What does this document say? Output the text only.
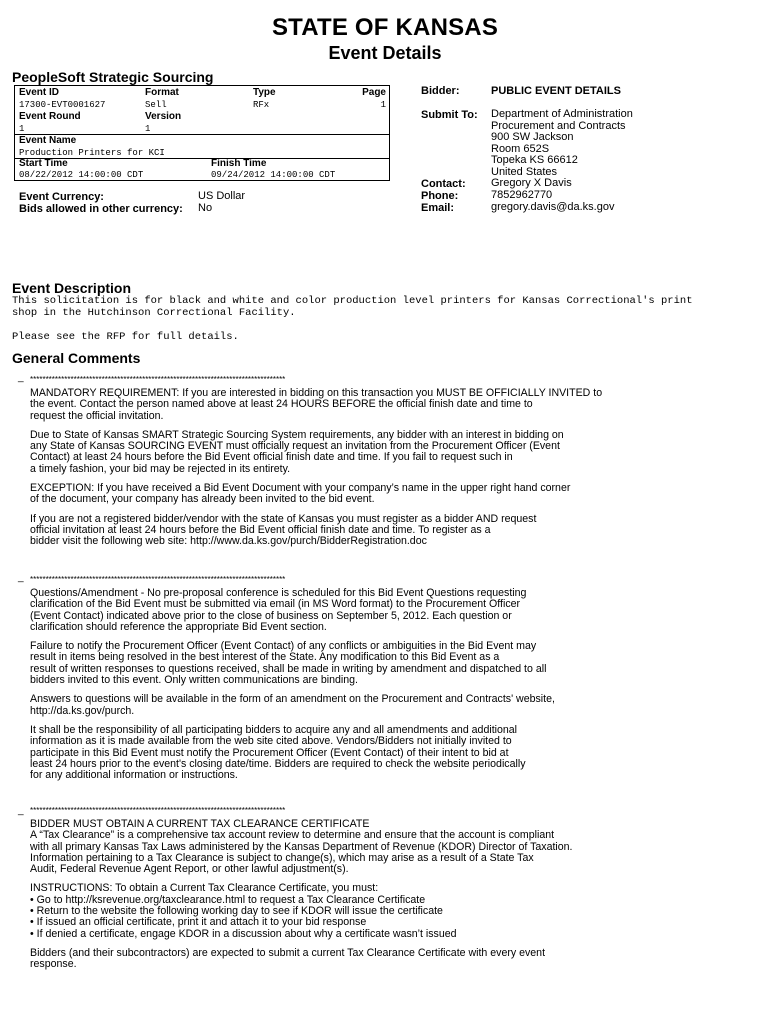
STATE OF KANSAS
Event Details
PeopleSoft Strategic Sourcing
Event ID	Format	Type	Page
17300-EVT0001627	Sell	RFx	1
Event Round	Version
1	1
Event Name
Production Printers for KCI
Start Time	Finish Time
08/22/2012 14:00:00 CDT	09/24/2012 14:00:00 CDT
Event Currency:	US Dollar
Bids allowed in other currency: No
Bidder:	PUBLIC EVENT DETAILS
Submit To: Department of Administration
Procurement and Contracts
900 SW Jackson
Room 652S
Topeka KS 66612
United States
Contact: Gregory X Davis
Phone:	7852962770
Email:	gregory.davis@da.ks.gov
Event Description
This solicitation is for black and white and color production level printers for Kansas Correctional's print
shop in the Hutchinson Correctional Facility.
Please see the RFP for full details.
General Comments
_ **********************************************************************************
MANDATORY REQUIREMENT: If you are interested in bidding on this transaction you MUST BE OFFICIALLY INVITED to
the event. Contact the person named above at least 24 HOURS BEFORE the official finish date and time to
request the official invitation.
Due to State of Kansas SMART Strategic Sourcing System requirements, any bidder with an interest in bidding on
any State of Kansas SOURCING EVENT must officially request an invitation from the Procurement Officer (Event
Contact) at least 24 hours before the Bid Event official finish date and time. If you fail to request such in
a timely fashion, your bid may be rejected in its entirety.
EXCEPTION: If you have received a Bid Event Document with your company’s name in the upper right hand corner
of the document, your company has already been invited to the bid event.
If you are not a registered bidder/vendor with the state of Kansas you must register as a bidder AND request
official invitation at least 24 hours before the Bid Event official finish date and time. To register as a
bidder visit the following web site: http://www.da.ks.gov/purch/BidderRegistration.doc
_ **********************************************************************************
Questions/Amendment - No pre-proposal conference is scheduled for this Bid Event Questions requesting
clarification of the Bid Event must be submitted via email (in MS Word format) to the Procurement Officer
(Event Contact) indicated above prior to the close of business on September 5, 2012. Each question or
clarification should reference the appropriate Bid Event section.
Failure to notify the Procurement Officer (Event Contact) of any conflicts or ambiguities in the Bid Event may
result in items being resolved in the best interest of the State. Any modification to this Bid Event as a
result of written responses to questions received, shall be made in writing by amendment and dispatched to all
bidders invited to this event. Only written communications are binding.
Answers to questions will be available in the form of an amendment on the Procurement and Contracts' website,
http://da.ks.gov/purch.
It shall be the responsibility of all participating bidders to acquire any and all amendments and additional
information as it is made available from the web site cited above. Vendors/Bidders not initially invited to
participate in this Bid Event must notify the Procurement Officer (Event Contact) of their intent to bid at
least 24 hours prior to the event's closing date/time. Bidders are required to check the website periodically
for any additional information or instructions.
_ **********************************************************************************
BIDDER MUST OBTAIN A CURRENT TAX CLEARANCE CERTIFICATE
A “Tax Clearance” is a comprehensive tax account review to determine and ensure that the account is compliant
with all primary Kansas Tax Laws administered by the Kansas Department of Revenue (KDOR) Director of Taxation.
Information pertaining to a Tax Clearance is subject to change(s), which may arise as a result of a State Tax
Audit, Federal Revenue Agent Report, or other lawful adjustment(s).
INSTRUCTIONS: To obtain a Current Tax Clearance Certificate, you must:
• Go to http://ksrevenue.org/taxclearance.html to request a Tax Clearance Certificate
• Return to the website the following working day to see if KDOR will issue the certificate
• If issued an official certificate, print it and attach it to your bid response
• If denied a certificate, engage KDOR in a discussion about why a certificate wasn’t issued
Bidders (and their subcontractors) are expected to submit a current Tax Clearance Certificate with every event
response.
